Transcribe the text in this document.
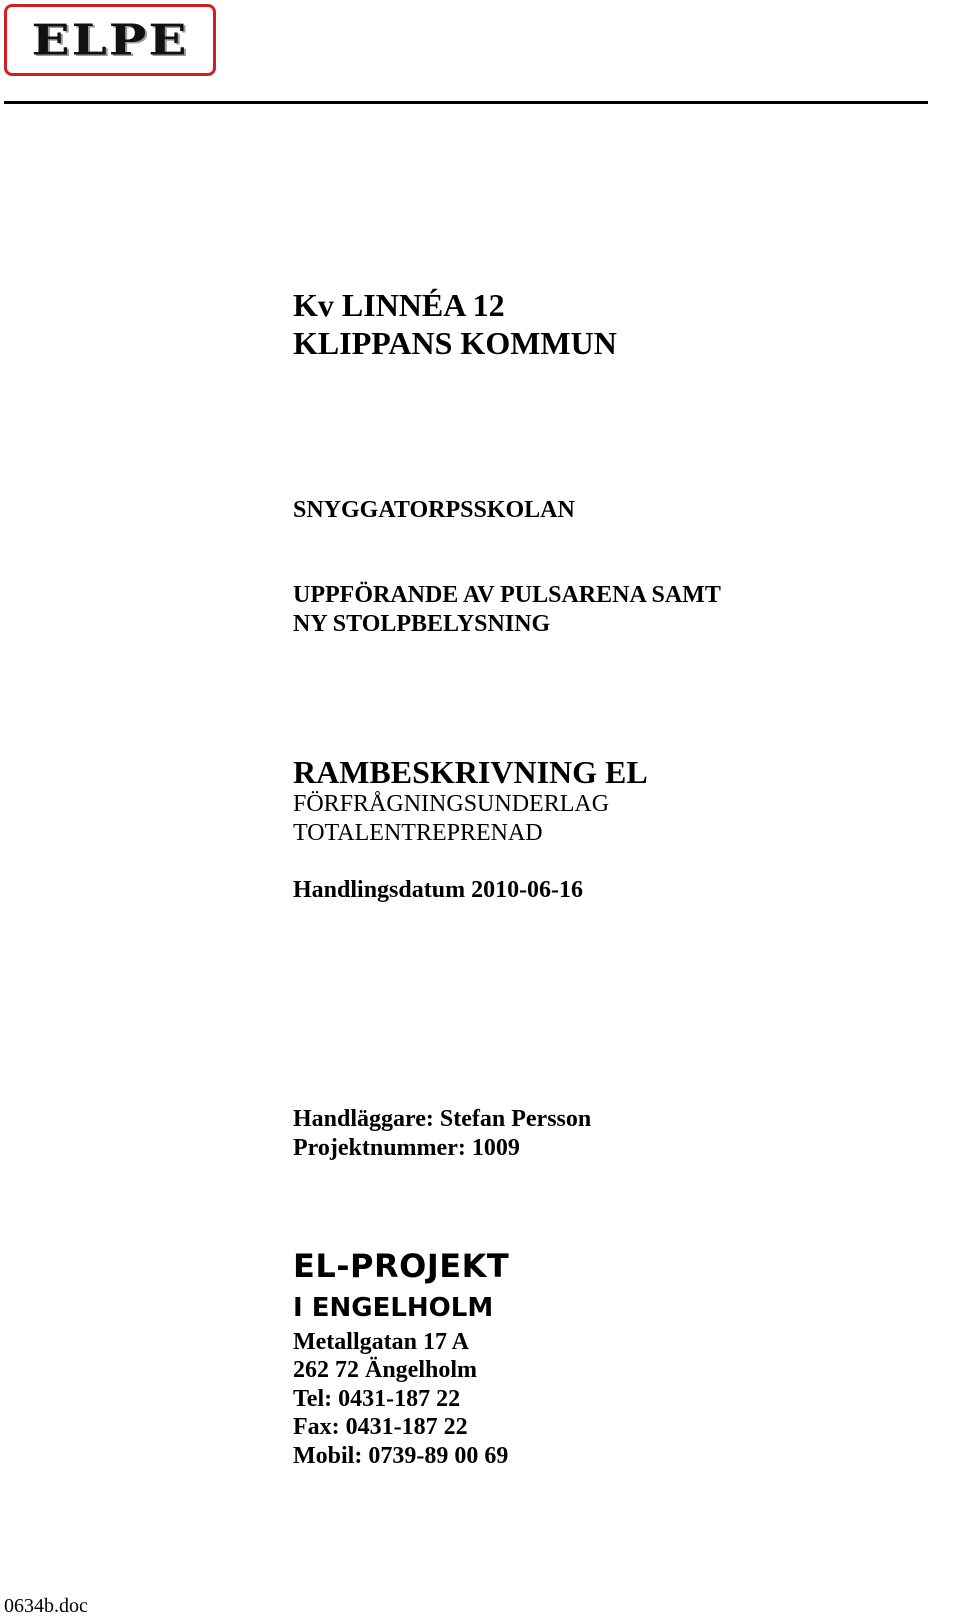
ELPE
Kv LINNÉA 12
KLIPPANS KOMMUN
SNYGGATORPSSKOLAN
UPPFÖRANDE AV PULSARENA SAMT
NY STOLPBELYSNING
RAMBESKRIVNING EL
FÖRFRÅGNINGSUNDERLAG
TOTALENTREPRENAD
Handlingsdatum 2010-06-16
Handläggare: Stefan Persson
Projektnummer: 1009
EL-PROJEKT
I ENGELHOLM
Metallgatan 17 A
262 72 Ängelholm
Tel: 0431-187 22
Fax: 0431-187 22
Mobil: 0739-89 00 69
0634b.doc
